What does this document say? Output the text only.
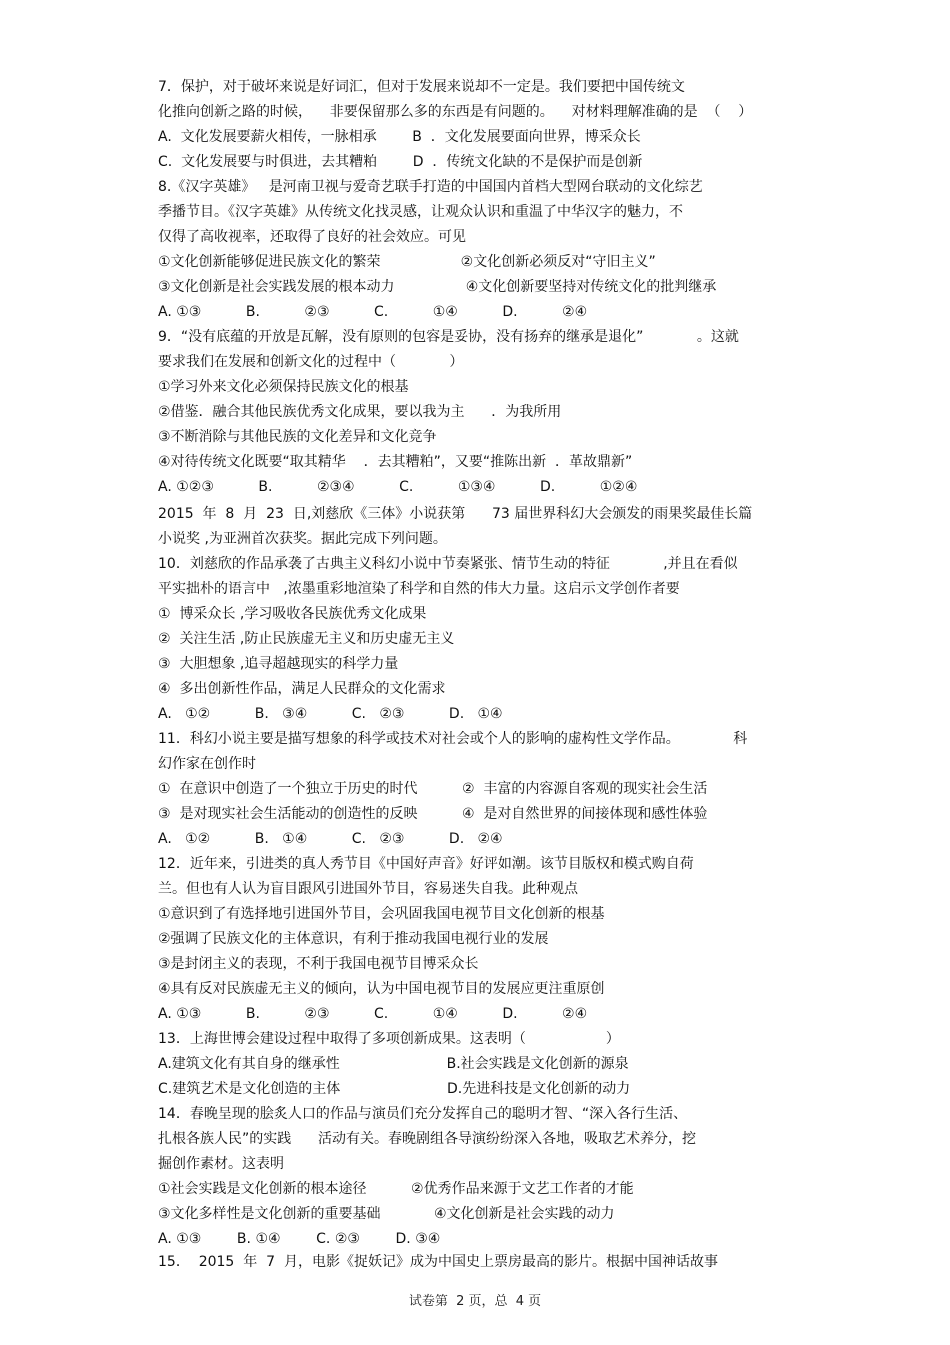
7．保护，对于破坏来说是好词汇，但对于发展来说却不一定是。我们要把中国传统文
化推向创新之路的时候，    非要保留那么多的东西是有问题的。    对材料理解准确的是  （    ）
A.  文化发展要薪火相传，一脉相承        B  ．文化发展要面向世界，博采众长
C.  文化发展要与时俱进，去其糟粕        D  ．传统文化缺的不是保护而是创新
8.《汉字英雄》   是河南卫视与爱奇艺联手打造的中国国内首档大型网台联动的文化综艺
季播节目。《汉字英雄》从传统文化找灵感，让观众认识和重温了中华汉字的魅力，不
仅得了高收视率，还取得了良好的社会效应。可见
①文化创新能够促进民族文化的繁荣                  ②文化创新必须反对“守旧主义”
③文化创新是社会实践发展的根本动力                ④文化创新要坚持对传统文化的批判继承
A. ①③          B.          ②③          C.          ①④          D.          ②④
9．“没有底蕴的开放是瓦解，没有原则的包容是妥协，没有扬弃的继承是退化”            。这就
要求我们在发展和创新文化的过程中（            ）
①学习外来文化必须保持民族文化的根基
②借鉴．融合其他民族优秀文化成果，要以我为主      ．为我所用
③不断消除与其他民族的文化差异和文化竞争
④对待传统文化既要“取其精华    ．去其糟粕”，又要“推陈出新  ．革故鼎新”
A. ①②③          B.          ②③④          C.          ①③④          D.          ①②④
2015  年  8  月  23  日,刘慈欣《三体》小说获第      73 届世界科幻大会颁发的雨果奖最佳长篇
小说奖 ,为亚洲首次获奖。据此完成下列问题。
10．刘慈欣的作品承袭了古典主义科幻小说中节奏紧张、情节生动的特征            ,并且在看似
平实拙朴的语言中   ,浓墨重彩地渲染了科学和自然的伟大力量。这启示文学创作者要
①  博采众长 ,学习吸收各民族优秀文化成果
②  关注生活 ,防止民族虚无主义和历史虚无主义
③  大胆想象 ,追寻超越现实的科学力量
④  多出创新性作品，满足人民群众的文化需求
A.   ①②          B.   ③④          C.   ②③          D.   ①④
11．科幻小说主要是描写想象的科学或技术对社会或个人的影响的虚构性文学作品。            科
幻作家在创作时
①  在意识中创造了一个独立于历史的时代          ②  丰富的内容源自客观的现实社会生活
③  是对现实社会生活能动的创造性的反映          ④  是对自然世界的间接体现和感性体验
A.   ①②          B.   ①④          C.   ②③          D.   ②④
12．近年来，引进类的真人秀节目《中国好声音》好评如潮。该节目版权和模式购自荷
兰。但也有人认为盲目跟风引进国外节目，容易迷失自我。此种观点
①意识到了有选择地引进国外节目，会巩固我国电视节目文化创新的根基
②强调了民族文化的主体意识，有利于推动我国电视行业的发展
③是封闭主义的表现，不利于我国电视节目博采众长
④具有反对民族虚无主义的倾向，认为中国电视节目的发展应更注重原创
A. ①③          B.          ②③          C.          ①④          D.          ②④
13．上海世博会建设过程中取得了多项创新成果。这表明（                  ）
A.建筑文化有其自身的继承性                        B.社会实践是文化创新的源泉
C.建筑艺术是文化创造的主体                        D.先进科技是文化创新的动力
14．春晚呈现的脍炙人口的作品与演员们充分发挥自己的聪明才智、“深入各行生活、
扎根各族人民”的实践      活动有关。春晚剧组各导演纷纷深入各地，吸取艺术养分，挖
掘创作素材。这表明
①社会实践是文化创新的根本途径          ②优秀作品来源于文艺工作者的才能
③文化多样性是文化创新的重要基础            ④文化创新是社会实践的动力
A. ①③        B. ①④        C. ②③        D. ③④
15．  2015  年  7  月，电影《捉妖记》成为中国史上票房最高的影片。根据中国神话故事
试卷第  2 页，总  4 页
